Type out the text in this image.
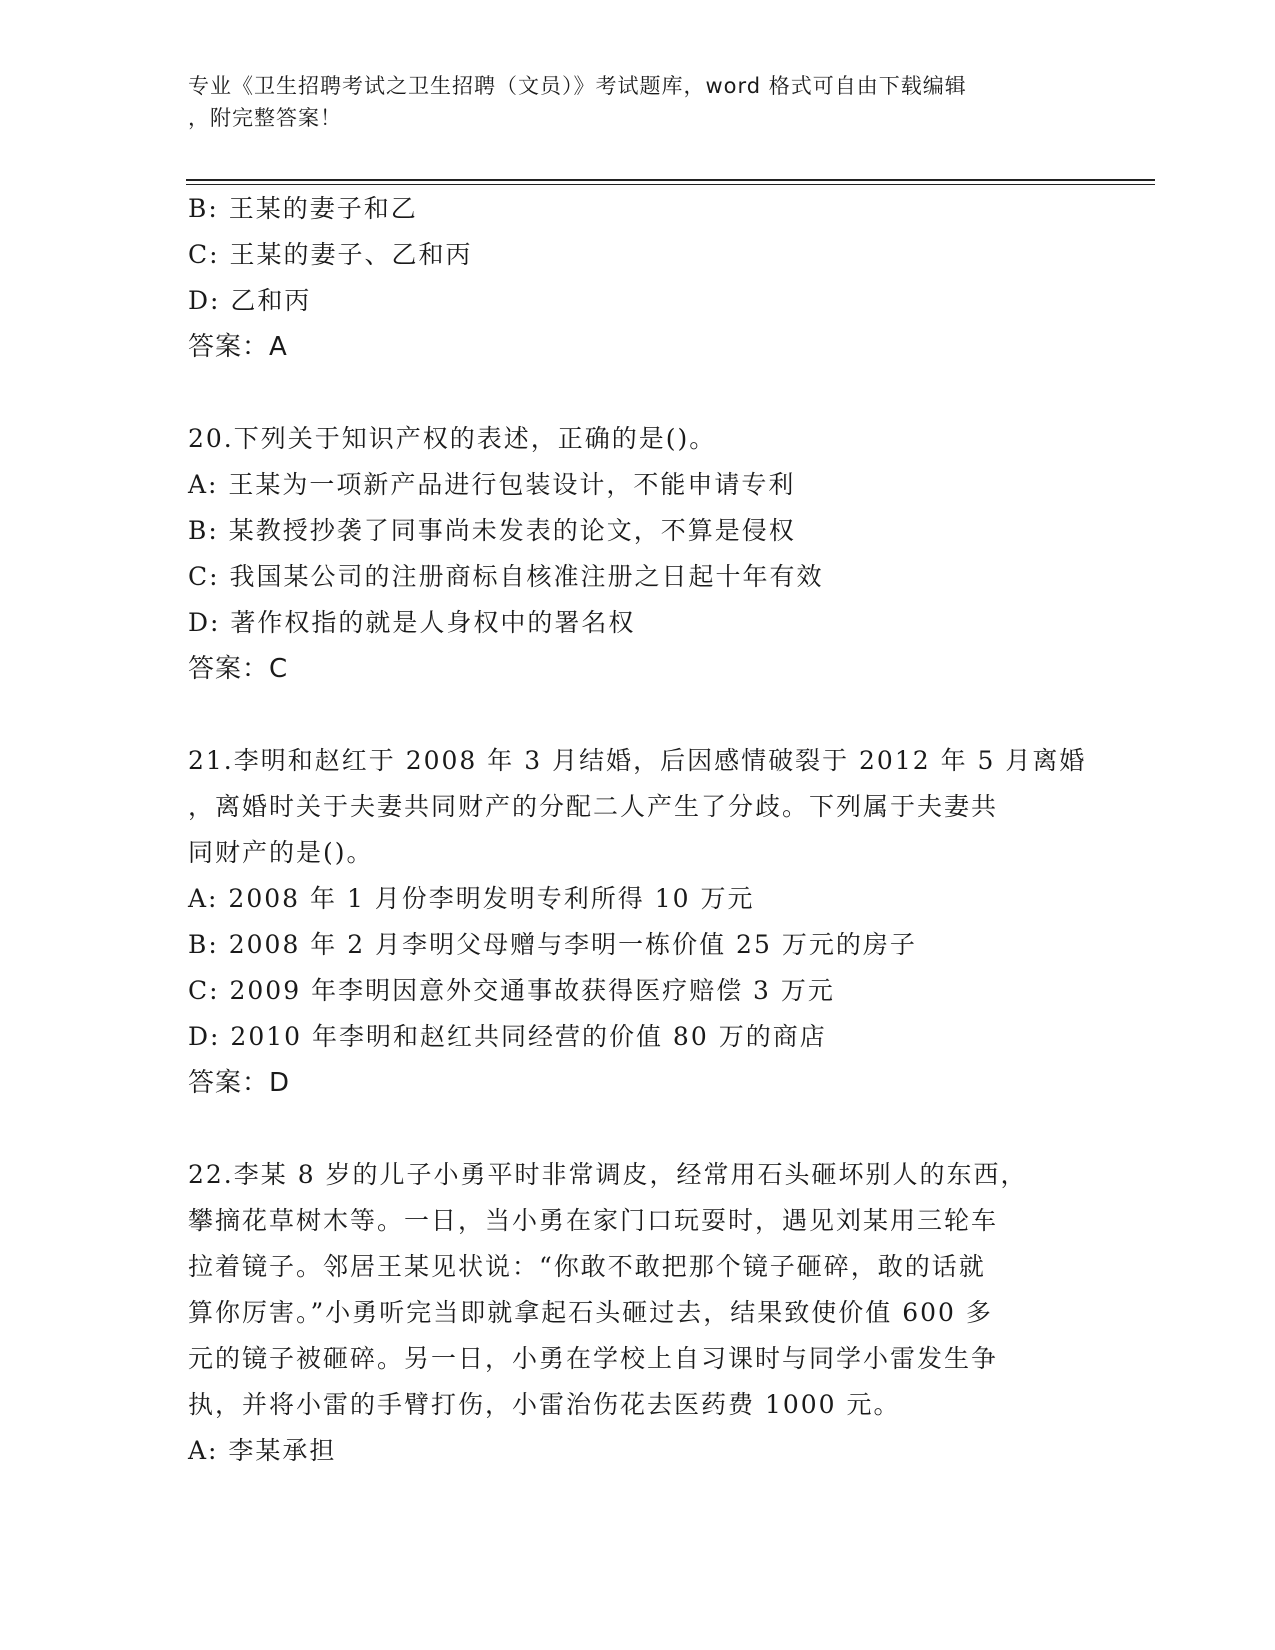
专业《卫生招聘考试之卫生招聘（文员）》考试题库，word 格式可自由下载编辑

，附完整答案！

B: 王某的妻子和乙

C: 王某的妻子、乙和丙

D: 乙和丙

答案：A

20.下列关于知识产权的表述，正确的是()。

A: 王某为一项新产品进行包装设计，不能申请专利

B: 某教授抄袭了同事尚未发表的论文，不算是侵权

C: 我国某公司的注册商标自核准注册之日起十年有效

D: 著作权指的就是人身权中的署名权

答案：C

21.李明和赵红于 2008 年 3 月结婚，后因感情破裂于 2012 年 5 月离婚

，离婚时关于夫妻共同财产的分配二人产生了分歧。下列属于夫妻共

同财产的是()。

A: 2008 年 1 月份李明发明专利所得 10 万元

B: 2008 年 2 月李明父母赠与李明一栋价值 25 万元的房子

C: 2009 年李明因意外交通事故获得医疗赔偿 3 万元

D: 2010 年李明和赵红共同经营的价值 80 万的商店

答案：D

22.李某 8 岁的儿子小勇平时非常调皮，经常用石头砸坏别人的东西，

攀摘花草树木等。一日，当小勇在家门口玩耍时，遇见刘某用三轮车

拉着镜子。邻居王某见状说：“你敢不敢把那个镜子砸碎，敢的话就

算你厉害。”小勇听完当即就拿起石头砸过去，结果致使价值 600 多

元的镜子被砸碎。另一日，小勇在学校上自习课时与同学小雷发生争

执，并将小雷的手臂打伤，小雷治伤花去医药费 1000 元。

A: 李某承担
